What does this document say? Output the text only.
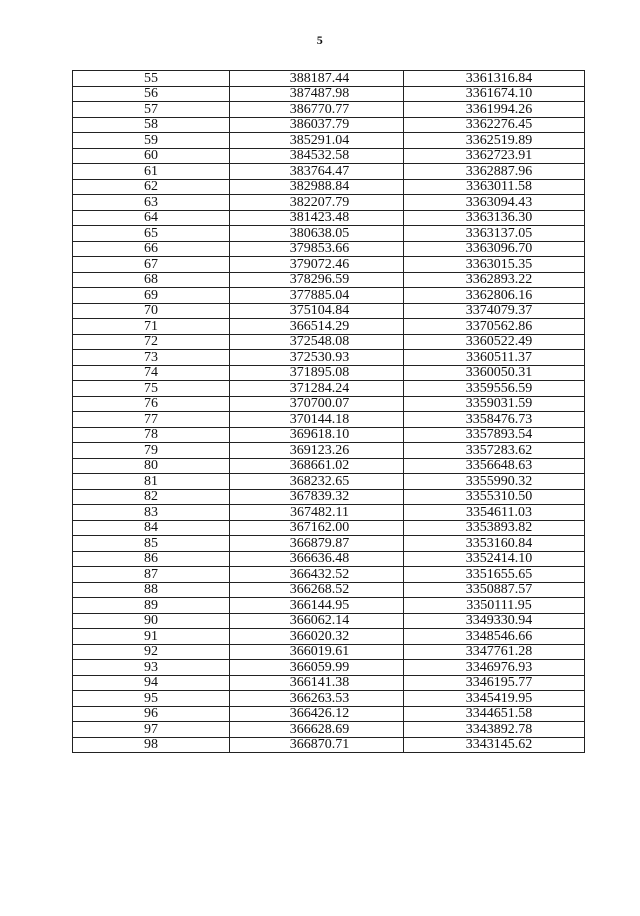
5
55	388187.44	3361316.84
56	387487.98	3361674.10
57	386770.77	3361994.26
58	386037.79	3362276.45
59	385291.04	3362519.89
60	384532.58	3362723.91
61	383764.47	3362887.96
62	382988.84	3363011.58
63	382207.79	3363094.43
64	381423.48	3363136.30
65	380638.05	3363137.05
66	379853.66	3363096.70
67	379072.46	3363015.35
68	378296.59	3362893.22
69	377885.04	3362806.16
70	375104.84	3374079.37
71	366514.29	3370562.86
72	372548.08	3360522.49
73	372530.93	3360511.37
74	371895.08	3360050.31
75	371284.24	3359556.59
76	370700.07	3359031.59
77	370144.18	3358476.73
78	369618.10	3357893.54
79	369123.26	3357283.62
80	368661.02	3356648.63
81	368232.65	3355990.32
82	367839.32	3355310.50
83	367482.11	3354611.03
84	367162.00	3353893.82
85	366879.87	3353160.84
86	366636.48	3352414.10
87	366432.52	3351655.65
88	366268.52	3350887.57
89	366144.95	3350111.95
90	366062.14	3349330.94
91	366020.32	3348546.66
92	366019.61	3347761.28
93	366059.99	3346976.93
94	366141.38	3346195.77
95	366263.53	3345419.95
96	366426.12	3344651.58
97	366628.69	3343892.78
98	366870.71	3343145.62
